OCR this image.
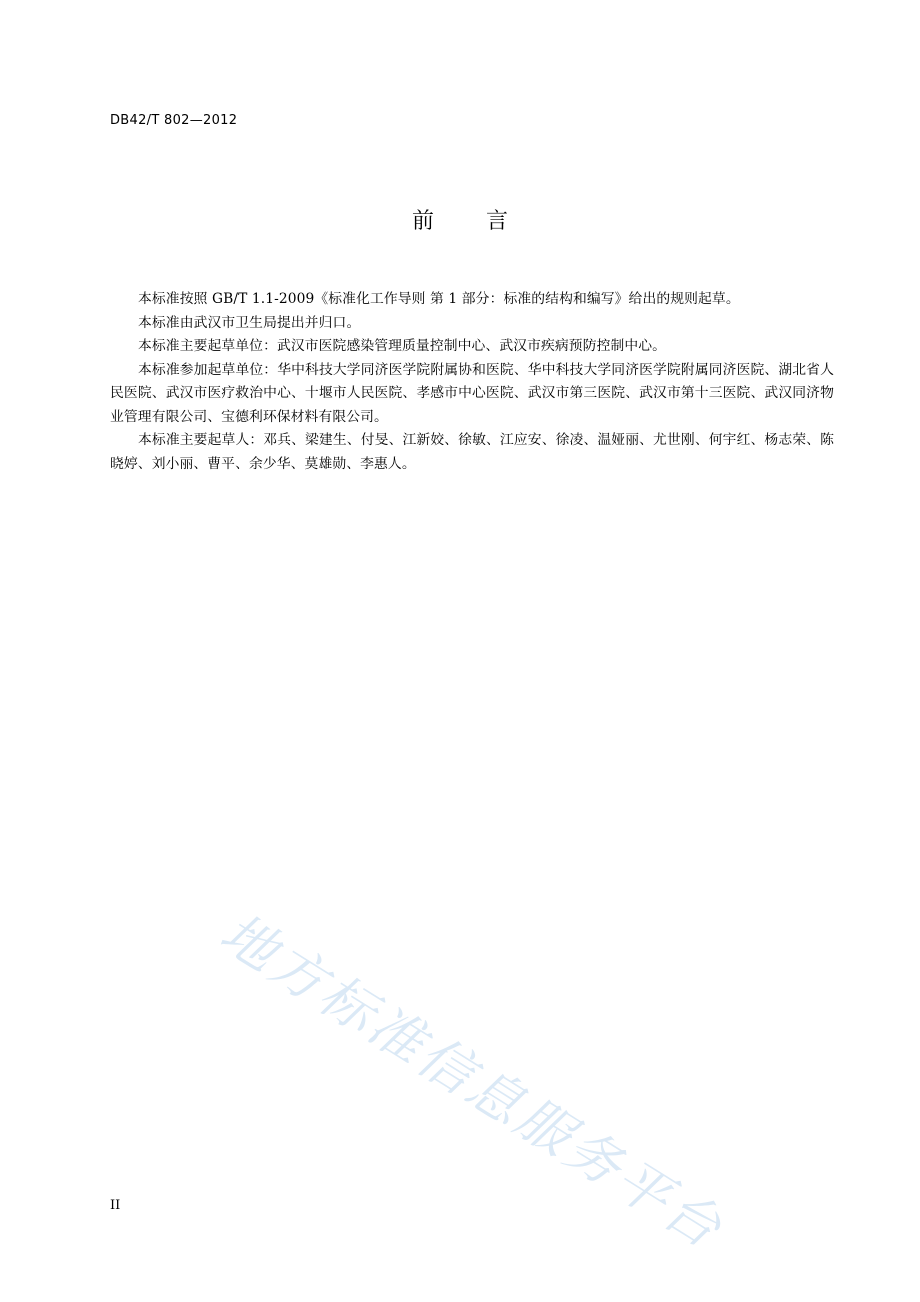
DB42/T 802—2012
前 言

本标准按照 GB/T 1.1-2009《标准化工作导则 第 1 部分：标准的结构和编写》给出的规则起草。

本标准由武汉市卫生局提出并归口。

本标准主要起草单位：武汉市医院感染管理质量控制中心、武汉市疾病预防控制中心。

本标准参加起草单位：华中科技大学同济医学院附属协和医院、华中科技大学同济医学院附属同济医院、湖北省人民医院、武汉市医疗救治中心、十堰市人民医院、孝感市中心医院、武汉市第三医院、武汉市第十三医院、武汉同济物业管理有限公司、宝德利环保材料有限公司。

本标准主要起草人：邓兵、梁建生、付旻、江新姣、徐敏、江应安、徐凌、温娅丽、尤世刚、何宇红、杨志荣、陈晓婷、刘小丽、曹平、余少华、莫雄勋、李惠人。

地方标准信息服务平台
II
